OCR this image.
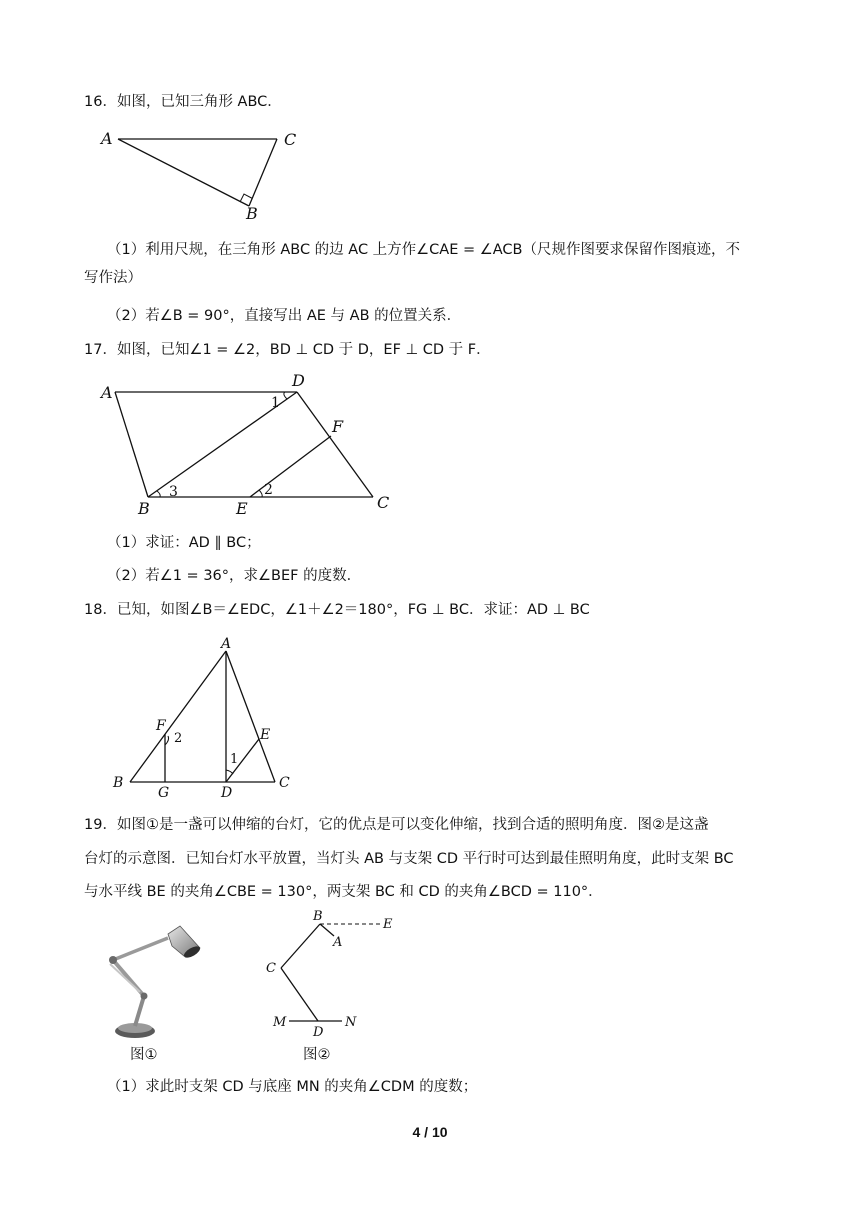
16．如图，已知三角形 ABC．
A	C
B
（1）利用尺规，在三角形 ABC 的边 AC 上方作∠CAE = ∠ACB（尺规作图要求保留作图痕迹，不
写作法）
（2）若∠B = 90°，直接写出 AE 与 AB 的位置关系．
17．如图，已知∠1 = ∠2，BD ⊥ CD 于 D，EF ⊥ CD 于 F．
A
D
F
C
B	E
1
3	2
（1）求证：AD ∥ BC；
（2）若∠1 = 36°，求∠BEF 的度数．
18．已知，如图∠B＝∠EDC，∠1＋∠2＝180°，FG ⊥ BC．求证：AD ⊥ BC
A
F
E
B	C
G	D
2
1
19．如图①是一盏可以伸缩的台灯，它的优点是可以变化伸缩，找到合适的照明角度．图②是这盏
台灯的示意图．已知台灯水平放置，当灯头 AB 与支架 CD 平行时可达到最佳照明角度，此时支架 BC
与水平线 BE 的夹角∠CBE = 130°，两支架 BC 和 CD 的夹角∠BCD = 110°．
图①
B
A
E
C
M	N
D
图②
（1）求此时支架 CD 与底座 MN 的夹角∠CDM 的度数；
4 / 10
